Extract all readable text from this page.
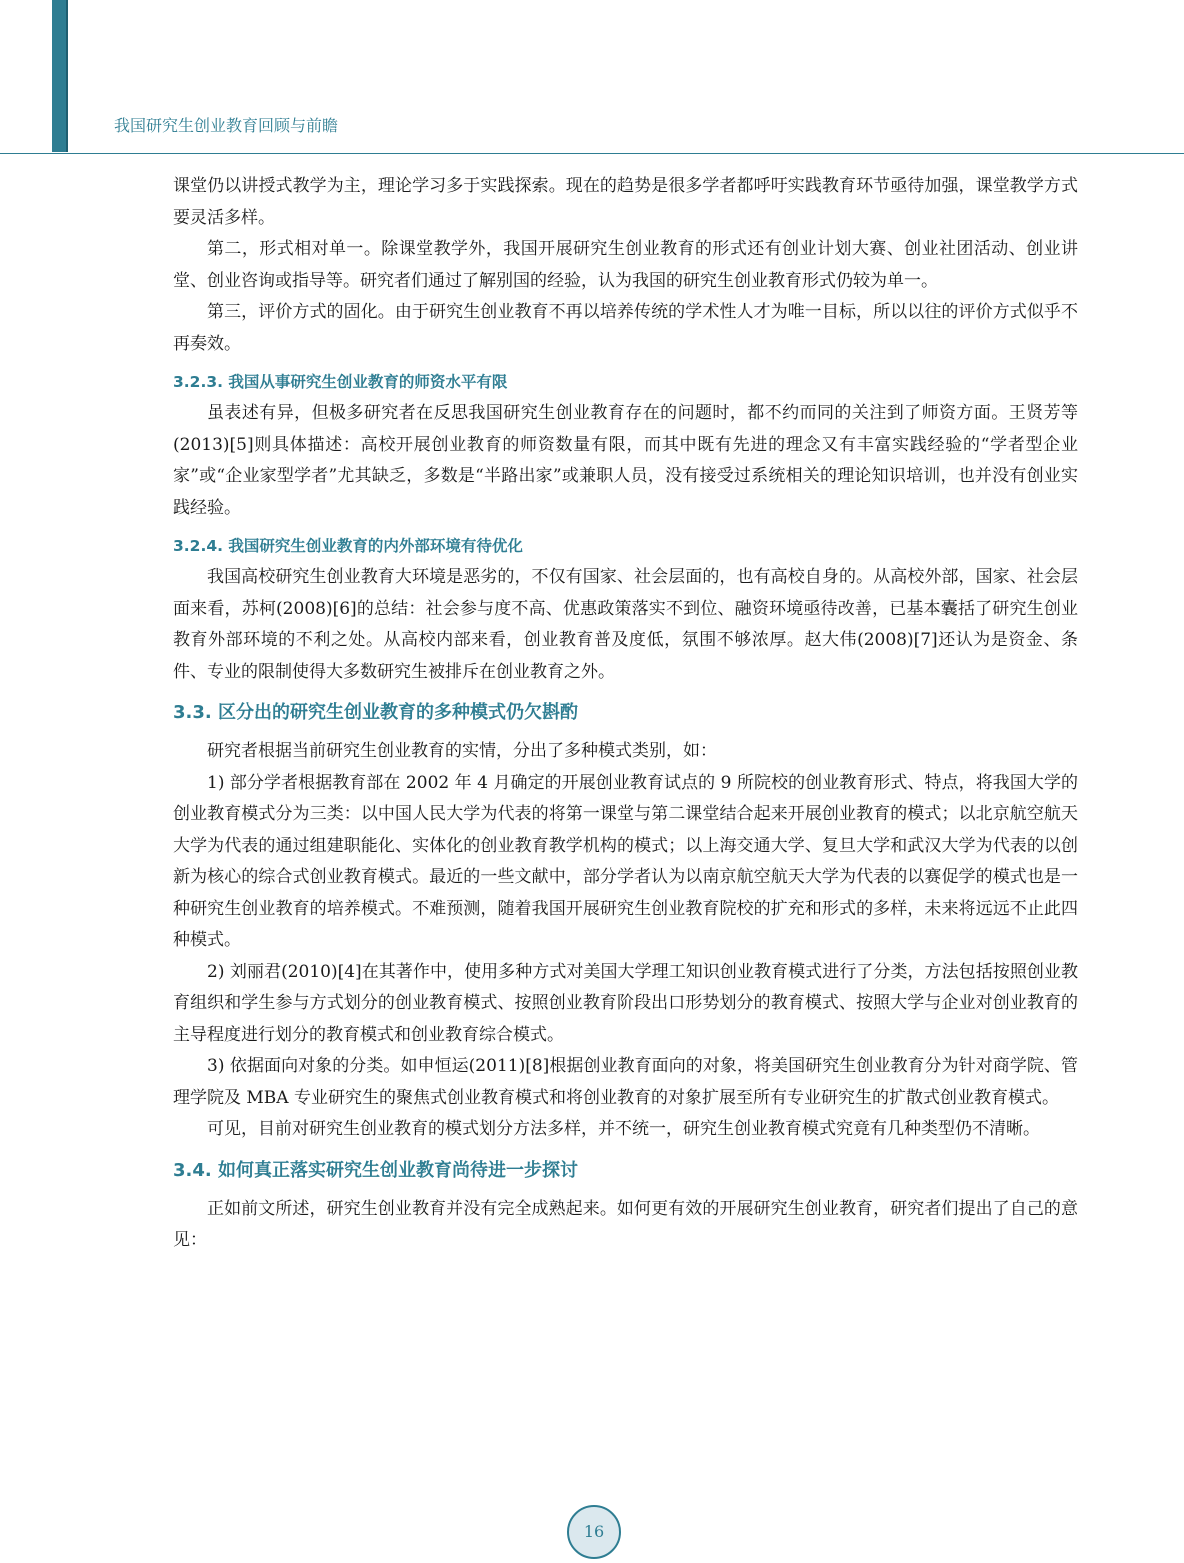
我国研究生创业教育回顾与前瞻

课堂仍以讲授式教学为主，理论学习多于实践探索。现在的趋势是很多学者都呼吁实践教育环节亟待加强，课堂教学方式要灵活多样。

第二，形式相对单一。除课堂教学外，我国开展研究生创业教育的形式还有创业计划大赛、创业社团活动、创业讲堂、创业咨询或指导等。研究者们通过了解别国的经验，认为我国的研究生创业教育形式仍较为单一。

第三，评价方式的固化。由于研究生创业教育不再以培养传统的学术性人才为唯一目标，所以以往的评价方式似乎不再奏效。

3.2.3. 我国从事研究生创业教育的师资水平有限

虽表述有异，但极多研究者在反思我国研究生创业教育存在的问题时，都不约而同的关注到了师资方面。王贤芳等(2013)[5]则具体描述：高校开展创业教育的师资数量有限，而其中既有先进的理念又有丰富实践经验的“学者型企业家”或“企业家型学者”尤其缺乏，多数是“半路出家”或兼职人员，没有接受过系统相关的理论知识培训，也并没有创业实践经验。

3.2.4. 我国研究生创业教育的内外部环境有待优化

我国高校研究生创业教育大环境是恶劣的，不仅有国家、社会层面的，也有高校自身的。从高校外部，国家、社会层面来看，苏柯(2008)[6]的总结：社会参与度不高、优惠政策落实不到位、融资环境亟待改善，已基本囊括了研究生创业教育外部环境的不利之处。从高校内部来看，创业教育普及度低，氛围不够浓厚。赵大伟(2008)[7]还认为是资金、条件、专业的限制使得大多数研究生被排斥在创业教育之外。

3.3. 区分出的研究生创业教育的多种模式仍欠斟酌

研究者根据当前研究生创业教育的实情，分出了多种模式类别，如：

1) 部分学者根据教育部在 2002 年 4 月确定的开展创业教育试点的 9 所院校的创业教育形式、特点，将我国大学的创业教育模式分为三类：以中国人民大学为代表的将第一课堂与第二课堂结合起来开展创业教育的模式；以北京航空航天大学为代表的通过组建职能化、实体化的创业教育教学机构的模式；以上海交通大学、复旦大学和武汉大学为代表的以创新为核心的综合式创业教育模式。最近的一些文献中，部分学者认为以南京航空航天大学为代表的以赛促学的模式也是一种研究生创业教育的培养模式。不难预测，随着我国开展研究生创业教育院校的扩充和形式的多样，未来将远远不止此四种模式。

2) 刘丽君(2010)[4]在其著作中，使用多种方式对美国大学理工知识创业教育模式进行了分类，方法包括按照创业教育组织和学生参与方式划分的创业教育模式、按照创业教育阶段出口形势划分的教育模式、按照大学与企业对创业教育的主导程度进行划分的教育模式和创业教育综合模式。

3) 依据面向对象的分类。如申恒运(2011)[8]根据创业教育面向的对象，将美国研究生创业教育分为针对商学院、管理学院及 MBA 专业研究生的聚焦式创业教育模式和将创业教育的对象扩展至所有专业研究生的扩散式创业教育模式。

可见，目前对研究生创业教育的模式划分方法多样，并不统一，研究生创业教育模式究竟有几种类型仍不清晰。

3.4. 如何真正落实研究生创业教育尚待进一步探讨

正如前文所述，研究生创业教育并没有完全成熟起来。如何更有效的开展研究生创业教育，研究者们提出了自己的意见：

16
